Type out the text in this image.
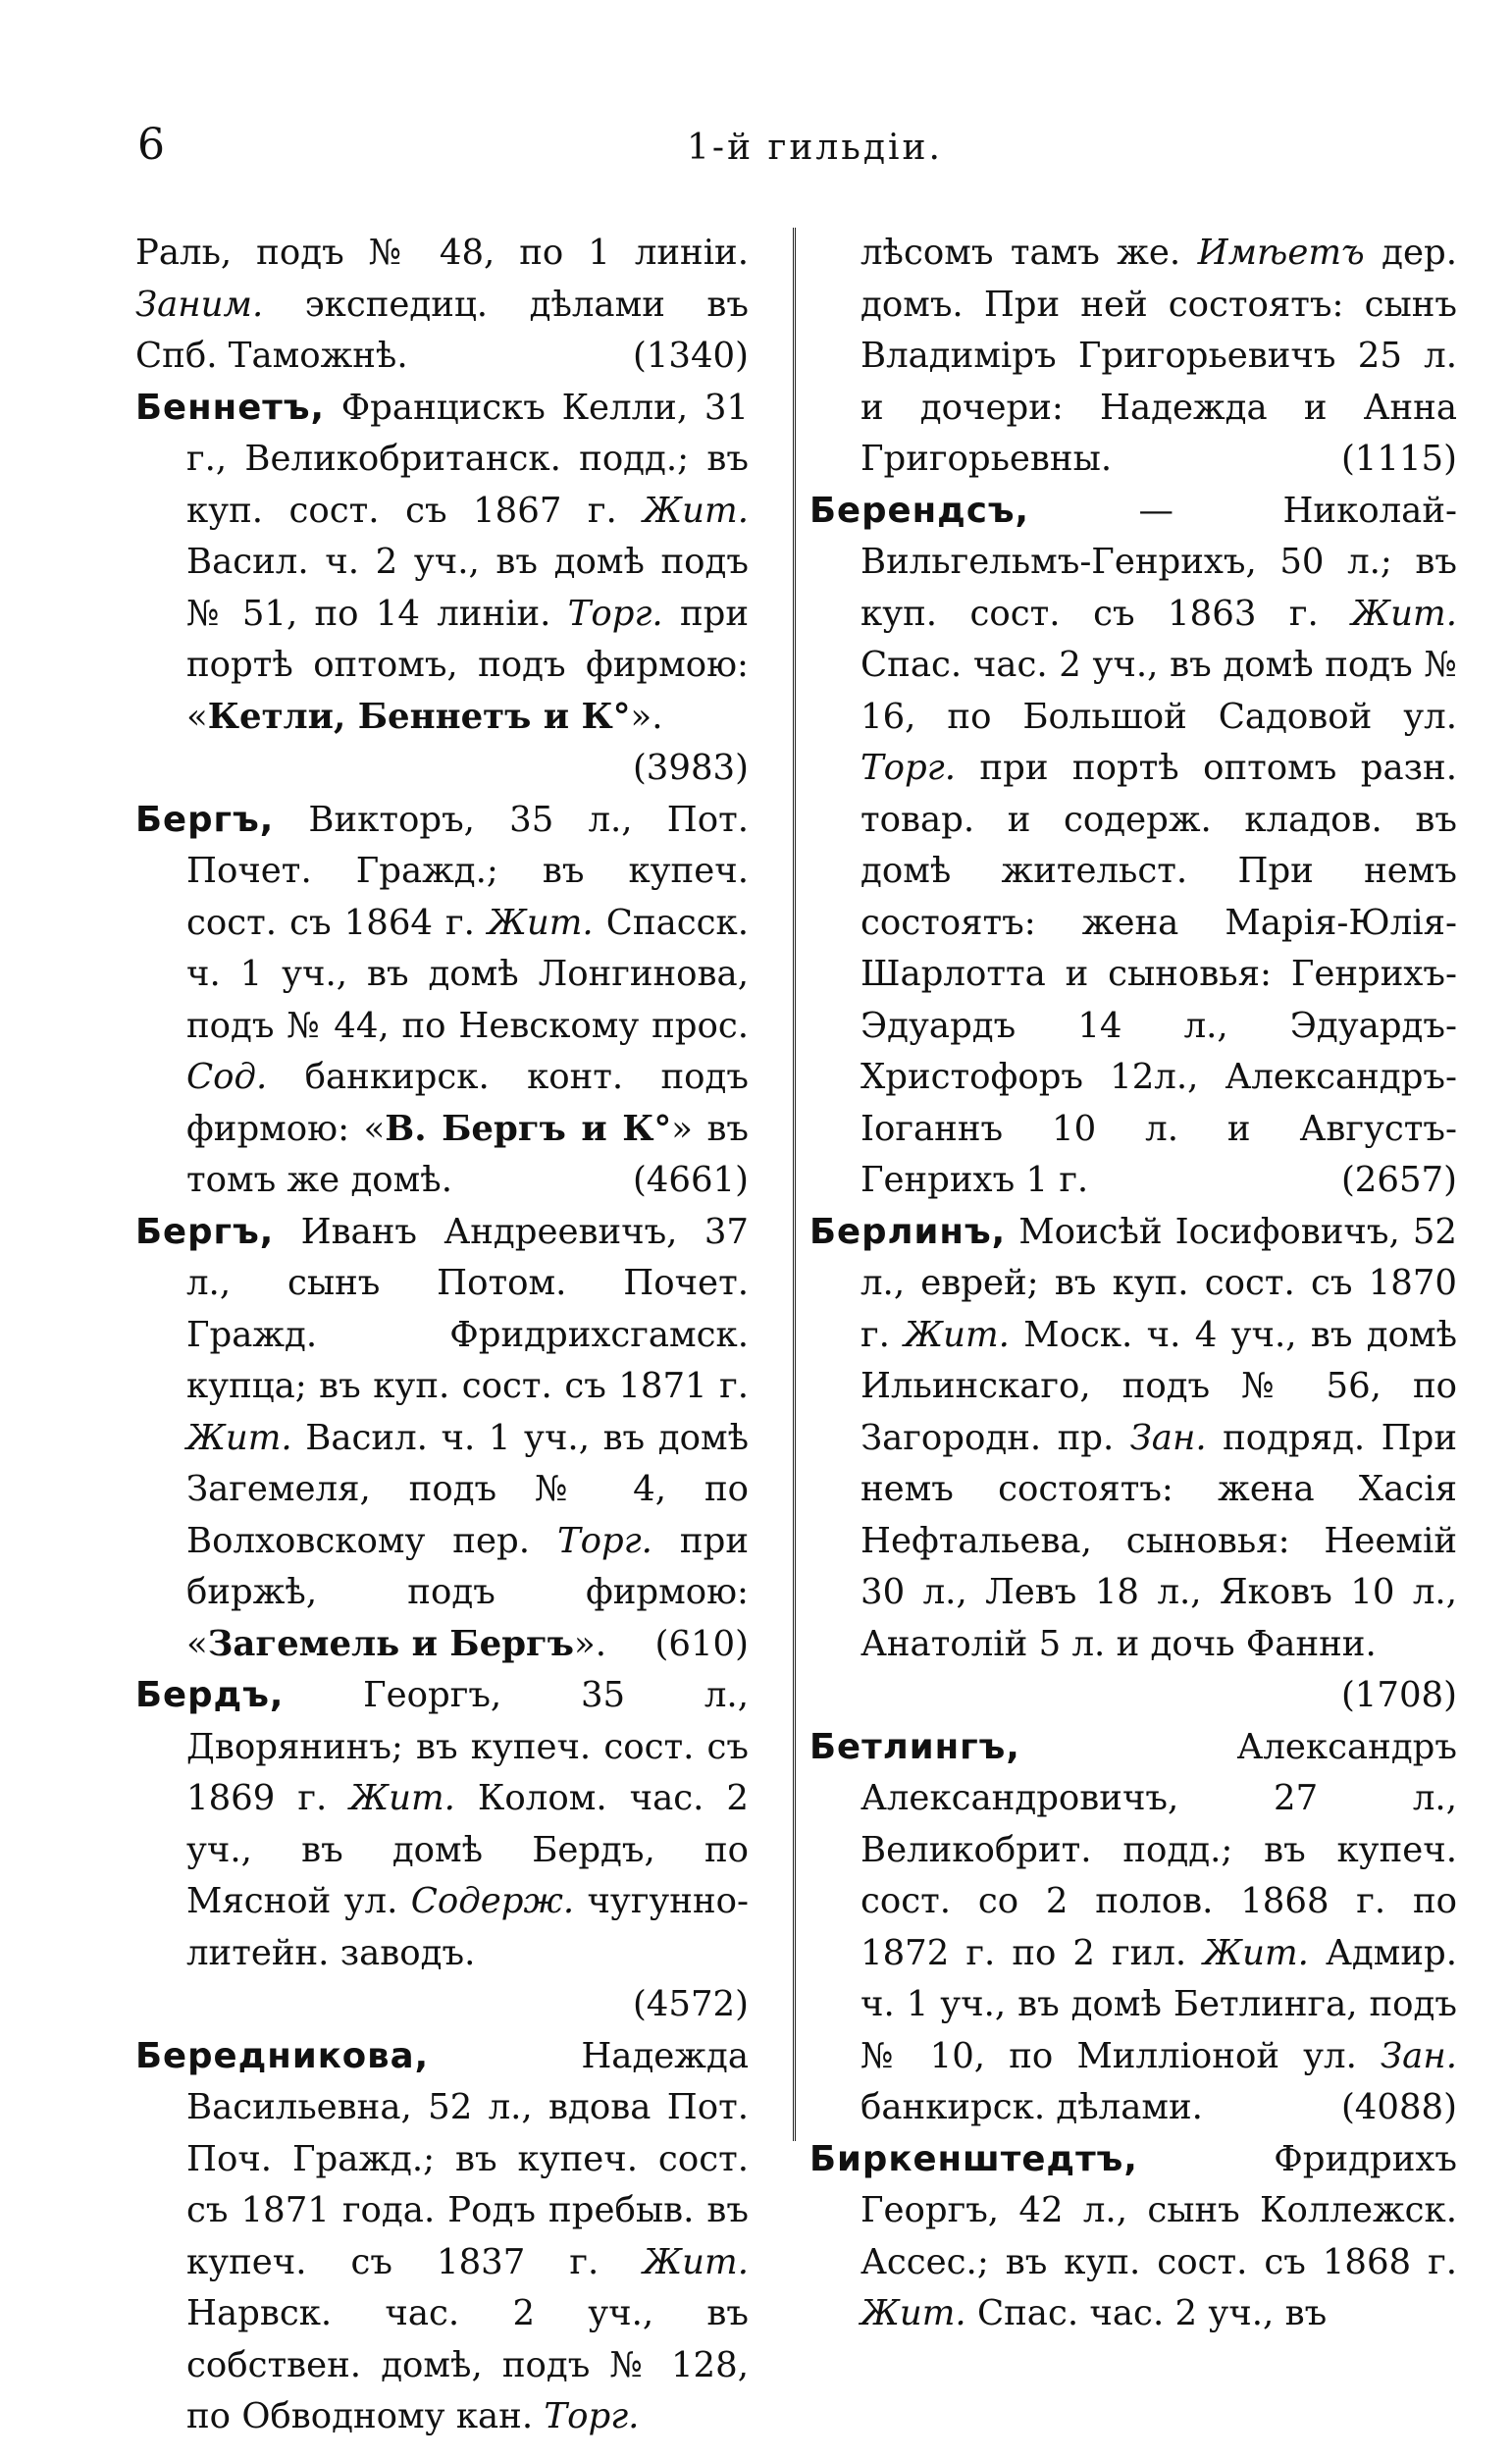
6	1-й гильдіи.

Раль, подъ № 48, по 1 линіи. Заним. экспедиц. дѣлами въ Спб. Таможнѣ.	(1340)

Беннетъ, Францискъ Келли, 31 г., Великобританск. подд.; въ куп. сост. съ 1867 г. Жит. Васил. ч. 2 уч., въ домѣ подъ № 51, по 14 линіи. Торг. при портѣ оптомъ, подъ фирмою: «Кетли, Беннетъ и К°».
(3983)

Бергъ, Викторъ, 35 л., Пот. Почет. Гражд.; въ купеч. сост. съ 1864 г. Жит. Спасск. ч. 1 уч., въ домѣ Лонгинова, подъ № 44, по Невскому прос. Сод. банкирск. конт. подъ фирмою: «В. Бергъ и К°» въ томъ же домѣ.	(4661)

Бергъ, Иванъ Андреевичъ, 37 л., сынъ Потом. Почет. Гражд. Фридрихсгамск. купца; въ куп. сост. съ 1871 г. Жит. Васил. ч. 1 уч., въ домѣ Загемеля, подъ № 4, по Волховскому пер. Торг. при биржѣ, подъ фирмою: «Загемель и Бергъ». (610)

Бердъ, Георгъ, 35 л., Дворянинъ; въ купеч. сост. съ 1869 г. Жит. Колом. час. 2 уч., въ домѣ Бердъ, по Мясной ул. Содерж. чугунно-литейн. заводъ.
(4572)

Бередникова, Надежда Васильевна, 52 л., вдова Пот. Поч. Гражд.; въ купеч. сост. съ 1871 года. Родъ пребыв. въ купеч. съ 1837 г. Жит. Нарвск. час. 2 уч., въ собствен. домѣ, подъ № 128, по Обводному кан. Торг.

лѣсомъ тамъ же. Имѣетъ дер. домъ. При ней состоятъ: сынъ Владиміръ Григорьевичъ 25 л. и дочери: Надежда и Анна Григорьевны.	(1115)

Берендсъ, — Николай-Вильгельмъ-Генрихъ, 50 л.; въ куп. сост. съ 1863 г. Жит. Спас. час. 2 уч., въ домѣ подъ № 16, по Большой Садовой ул. Торг. при портѣ оптомъ разн. товар. и содерж. кладов. въ домѣ жительст. При немъ состоятъ: жена Марія-Юлія-Шарлотта и сыновья: Генрихъ-Эдуардъ 14 л., Эдуардъ-Христофоръ 12л., Александръ-Іоганнъ 10 л. и Августъ-Генрихъ 1 г.	(2657)

Берлинъ, Моисѣй Іосифовичъ, 52 л., еврей; въ куп. сост. съ 1870 г. Жит. Моск. ч. 4 уч., въ домѣ Ильинскаго, подъ № 56, по Загородн. пр. Зан. подряд. При немъ состоятъ: жена Хасія Нефтальева, сыновья: Неемій 30 л., Левъ 18 л., Яковъ 10 л., Анатолій 5 л. и дочь Фанни.
(1708)

Бетлингъ, Александръ Александровичъ, 27 л., Великобрит. подд.; въ купеч. сост. со 2 полов. 1868 г. по 1872 г. по 2 гил. Жит. Адмир. ч. 1 уч., въ домѣ Бетлинга, подъ № 10, по Милліоной ул. Зан. банкирск. дѣлами.	(4088)

Биркенштедтъ, Фридрихъ Георгъ, 42 л., сынъ Коллежск. Ассес.; въ куп. сост. съ 1868 г. Жит. Спас. час. 2 уч., въ
